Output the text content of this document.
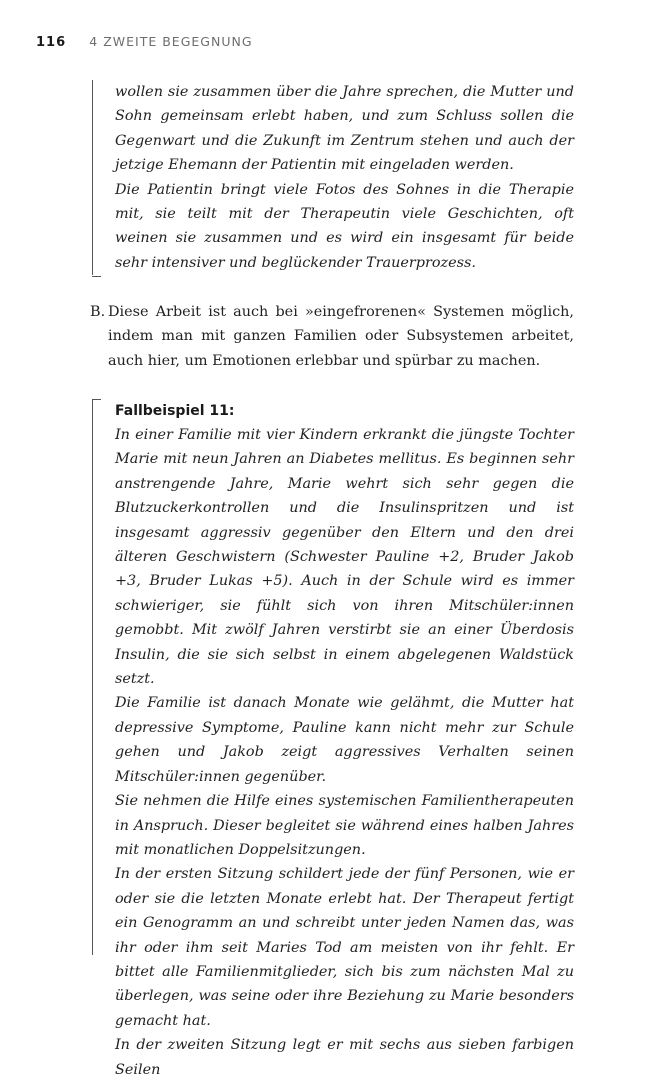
116 4 ZWEITE BEGEGNUNG

wollen sie zusammen über die Jahre sprechen, die Mutter und Sohn gemeinsam erlebt haben, und zum Schluss sollen die Gegenwart und die Zukunft im Zentrum stehen und auch der jetzige Ehemann der Patientin mit eingeladen werden.

Die Patientin bringt viele Fotos des Sohnes in die Therapie mit, sie teilt mit der Therapeutin viele Geschichten, oft weinen sie zusammen und es wird ein insgesamt für beide sehr intensiver und beglückender Trauerprozess.

B. Diese Arbeit ist auch bei »eingefrorenen« Systemen möglich, indem man mit ganzen Familien oder Subsystemen arbeitet, auch hier, um Emotionen erlebbar und spürbar zu machen.

Fallbeispiel 11:

In einer Familie mit vier Kindern erkrankt die jüngste Tochter Marie mit neun Jahren an Diabetes mellitus. Es beginnen sehr anstrengende Jahre, Marie wehrt sich sehr gegen die Blutzuckerkontrollen und die Insulinspritzen und ist insgesamt aggressiv gegenüber den Eltern und den drei älteren Geschwistern (Schwester Pauline +2, Bruder Jakob +3, Bruder Lukas +5). Auch in der Schule wird es immer schwieriger, sie fühlt sich von ihren Mitschüler:innen gemobbt. Mit zwölf Jahren verstirbt sie an einer Überdosis Insulin, die sie sich selbst in einem abgelegenen Waldstück setzt.

Die Familie ist danach Monate wie gelähmt, die Mutter hat depressive Symptome, Pauline kann nicht mehr zur Schule gehen und Jakob zeigt aggressives Verhalten seinen Mitschüler:innen gegenüber.

Sie nehmen die Hilfe eines systemischen Familientherapeuten in Anspruch. Dieser begleitet sie während eines halben Jahres mit monatlichen Doppelsitzungen.

In der ersten Sitzung schildert jede der fünf Personen, wie er oder sie die letzten Monate erlebt hat. Der Therapeut fertigt ein Genogramm an und schreibt unter jeden Namen das, was ihr oder ihm seit Maries Tod am meisten von ihr fehlt. Er bittet alle Familienmitglieder, sich bis zum nächsten Mal zu überlegen, was seine oder ihre Beziehung zu Marie besonders gemacht hat.

In der zweiten Sitzung legt er mit sechs aus sieben farbigen Seilen
